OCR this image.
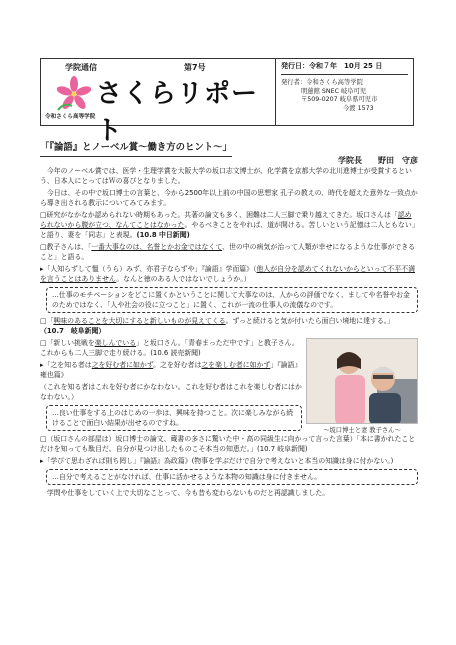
学院通信	第7号
さくらリポート
令和さくら高等学院
発行日：令和７年　10月 25 日
発行者：令和さくら高等学院
明蓮館 SNEC 岐阜可児
〒509-0207 岐阜県可児市
今渡 1573
「『論語』とノーベル賞～働き方のヒント～」
学院長　　野田　守彦

今年のノーベル賞では、医学・生理学賞を大阪大学の坂口志文博士が、化学賞を京都大学の北川進博士が受賞するという、日本人にとってはＷの喜びとなりました。

今日は、その中で坂口博士の言葉と、今から2500年以上前の中国の思想家 孔子の教えの、時代を超えた意外な一致点から導き出される教示についてみてみます。

□研究がなかなか認められない時期もあった。共著の論文も多く、困難は二人三脚で乗り越えてきた。坂口さんは「認められないから腹が立つ、なんてことはなかった。やるべきことをやれば、道が開ける。苦しいという記憶は二人ともない」と語り、妻を「同志」と表現。(10.8 中日新聞)

□教子さんは、「一番大事なのは、名誉とかお金ではなくて、世の中の病気が治って人類が幸せになるような仕事ができること」と語る。

▸「人知らずして慍（うら）みず、亦君子ならずや」『論語』学而篇》（他人が自分を認めてくれないからといって不平不満を言うことはありません。なんと徳のある人ではないでしょうか。）

…仕事のモチベーションをどこに置くかということに関して大事なのは、人からの評価でなく、ましてや名誉やお金のためではなく、「人や社会の役に立つこと」に置く、これが一流の仕事人の流儀なのです。

□「興味のあることを大切にすると新しいものが見えてくる。ずっと続けると気が付いたら面白い境地に達する。」
（10.7　岐阜新聞）

～坂口博士と妻 教子さん～

□「新しい挑戦を楽しんでいる」と坂口さん。「青春まっただ中です」と教子さん。これからも二人三脚で走り続ける。(10.6 読売新聞)

▸「之を知る者は之を好む者に如かず。之を好む者は之を楽しむ者に如かず」『論語』雍也篇》

（これを知る者はこれを好む者にかなわない。これを好む者はこれを楽しむ者にはかなわない。）

…良い仕事をする上のはじめの一歩は、興味を持つこと。次に楽しみながら続けることで面白い結果が出せるのですね。

□（坂口さんの部屋は）坂口博士の論文、蔵書の多さに驚いた中・高の同級生に向かって言った言葉）「本に書かれたことだけを知っても駄目だ。自分が見つけ出したものこそ本当の知恵だ。」(10.7 岐阜新聞)

▸「学びて思わざれば則ち罔し」『論語』為政篇》(物事を学ぶだけで自分で考えないと本当の知識は身に付かない。)

…自分で考えることがなければ、仕事に活かせるような本物の知識は身に付きません。

学問や仕事をしていく上で大切なことって、今も昔も変わらないものだと再認識しました。
